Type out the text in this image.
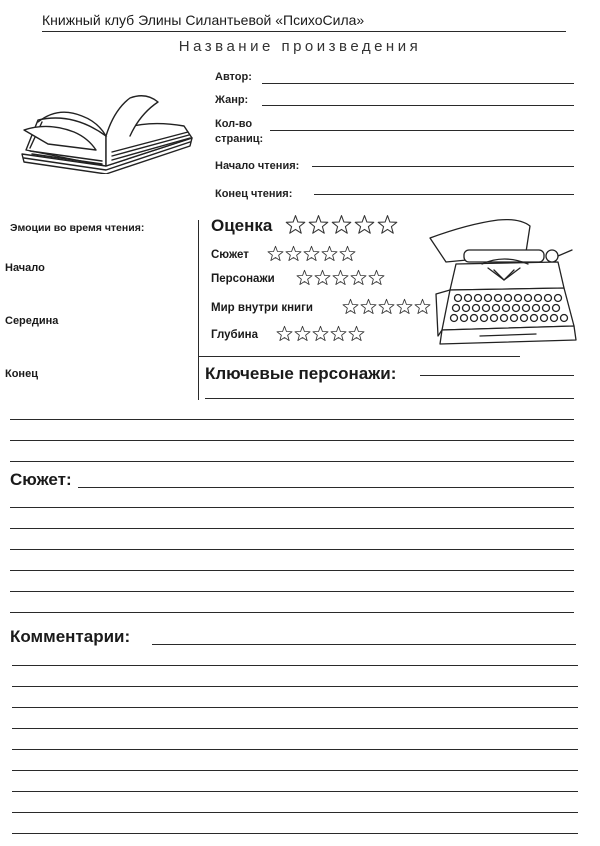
Книжный клуб Элины Силантьевой «ПсихоСила»
Название произведения
Автор:
Жанр:
Кол-во
страниц:
Начало чтения:
Конец чтения:
Эмоции во время чтения:
Начало
Середина
Конец
Оценка
Сюжет
Персонажи
Мир внутри книги
Глубина
Ключевые персонажи:
Сюжет:
Комментарии:
